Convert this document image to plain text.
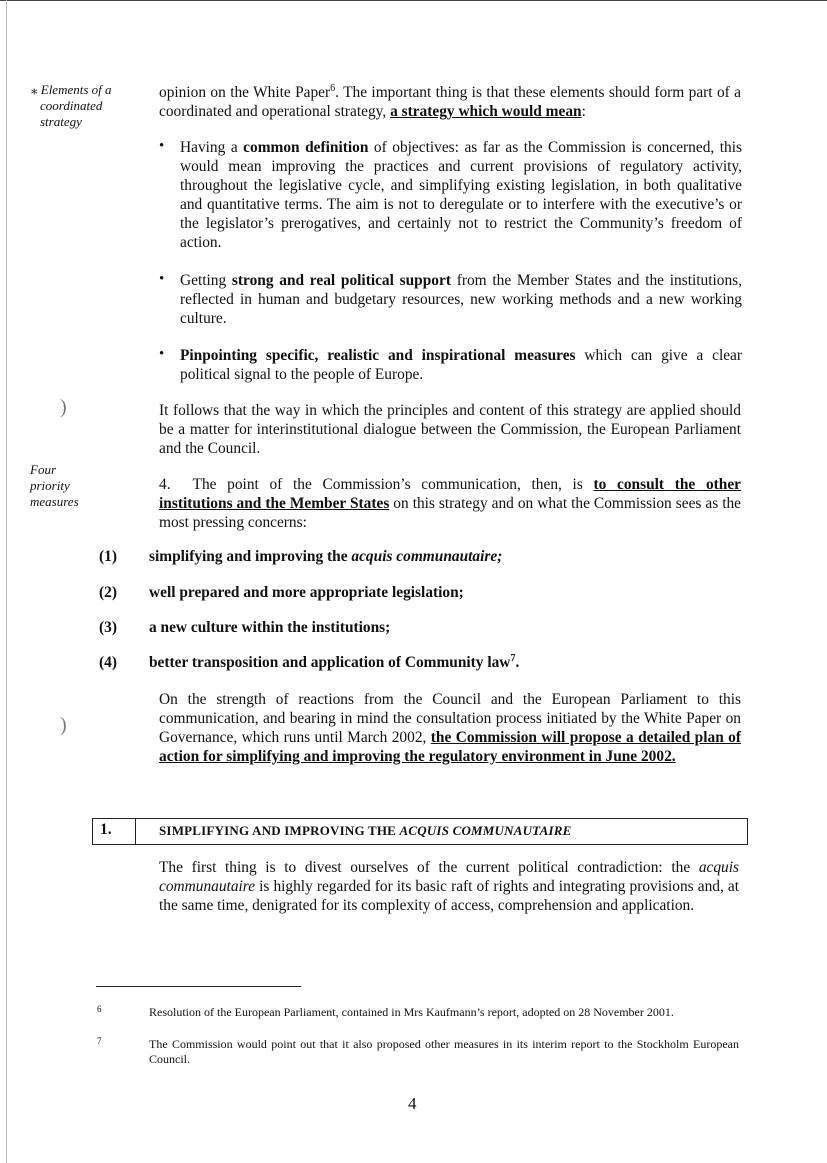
⁎ Elements of a
coordinated
strategy
)
Four
priority
measures
)
opinion on the White Paper$^6$. The important thing is that these elements should form part of a coordinated and operational strategy, a strategy which would mean:
• Having a common definition of objectives: as far as the Commission is concerned, this would mean improving the practices and current provisions of regulatory activity, throughout the legislative cycle, and simplifying existing legislation, in both qualitative and quantitative terms. The aim is not to deregulate or to interfere with the executive’s or the legislator’s prerogatives, and certainly not to restrict the Community’s freedom of action.
• Getting strong and real political support from the Member States and the institutions, reflected in human and budgetary resources, new working methods and a new working culture.
• Pinpointing specific, realistic and inspirational measures which can give a clear political signal to the people of Europe.
It follows that the way in which the principles and content of this strategy are applied should be a matter for interinstitutional dialogue between the Commission, the European Parliament and the Council.
4. The point of the Commission’s communication, then, is to consult the other institutions and the Member States on this strategy and on what the Commission sees as the most pressing concerns:
(1) simplifying and improving the acquis communautaire;
(2) well prepared and more appropriate legislation;
(3) a new culture within the institutions;
(4) better transposition and application of Community law$^7$.
On the strength of reactions from the Council and the European Parliament to this communication, and bearing in mind the consultation process initiated by the White Paper on Governance, which runs until March 2002, the Commission will propose a detailed plan of action for simplifying and improving the regulatory environment in June 2002.
1.	SIMPLIFYING AND IMPROVING THE ACQUIS COMMUNAUTAIRE
The first thing is to divest ourselves of the current political contradiction: the acquis communautaire is highly regarded for its basic raft of rights and integrating provisions and, at the same time, denigrated for its complexity of access, comprehension and application.
6	Resolution of the European Parliament, contained in Mrs Kaufmann’s report, adopted on 28 November 2001.
7	The Commission would point out that it also proposed other measures in its interim report to the Stockholm European Council.
4
